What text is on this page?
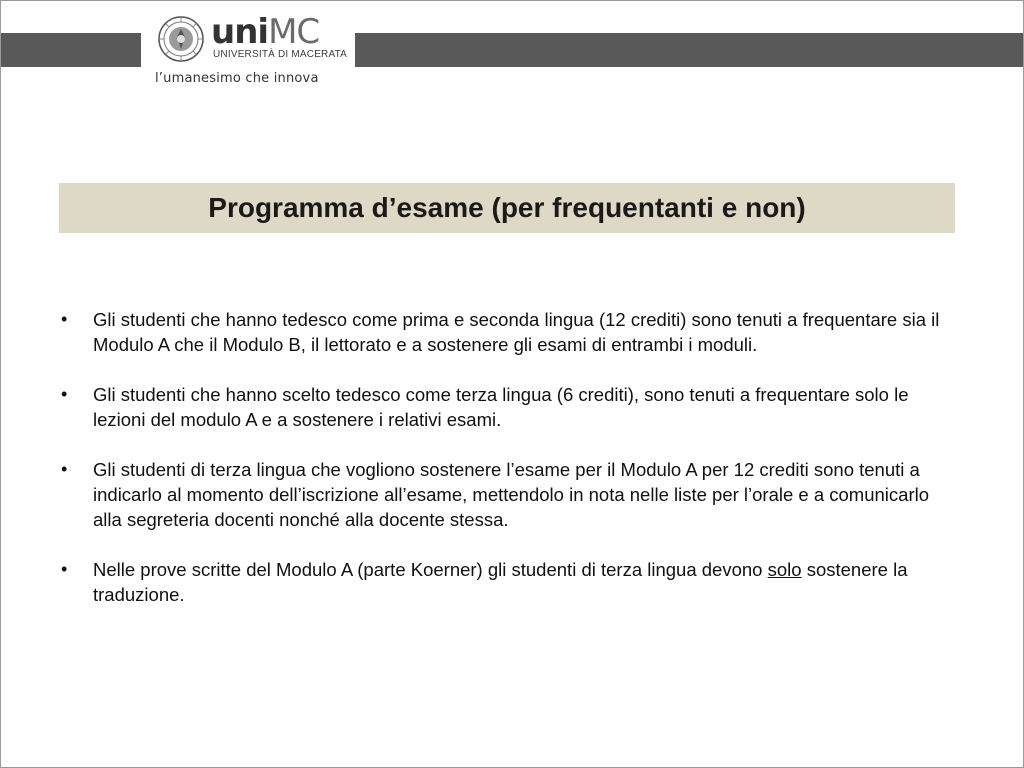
uniMC
UNIVERSITÀ DI MACERATA
l’umanesimo che innova
Programma d’esame (per frequentanti e non)
• Gli studenti che hanno tedesco come prima e seconda lingua (12 crediti) sono tenuti a frequentare sia il Modulo A che il Modulo B, il lettorato e a sostenere gli esami di entrambi i moduli.
• Gli studenti che hanno scelto tedesco come terza lingua (6 crediti), sono tenuti a frequentare solo le lezioni del modulo A e a sostenere i relativi esami.
• Gli studenti di terza lingua che vogliono sostenere l’esame per il Modulo A per 12 crediti sono tenuti a indicarlo al momento dell’iscrizione all’esame, mettendolo in nota nelle liste per l’orale e a comunicarlo alla segreteria docenti nonché alla docente stessa.
• Nelle prove scritte del Modulo A (parte Koerner) gli studenti di terza lingua devono solo sostenere la traduzione.
